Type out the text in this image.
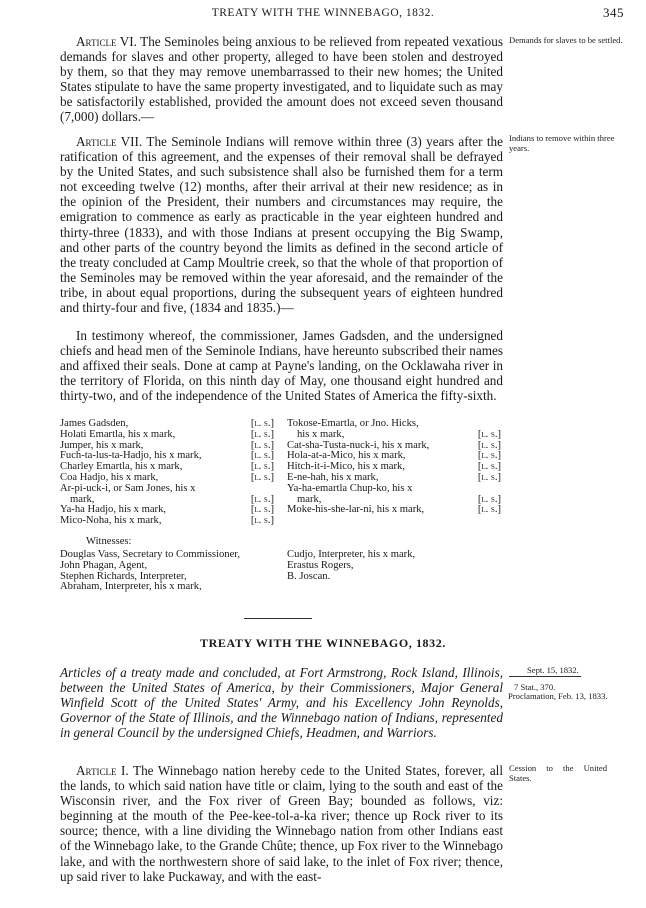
TREATY WITH THE WINNEBAGO, 1832.	345

Article VI. The Seminoles being anxious to be relieved from repeated vexatious demands for slaves and other property, alleged to have been stolen and destroyed by them, so that they may remove unembarrassed to their new homes; the United States stipulate to have the same property investigated, and to liquidate such as may be satisfactorily established, provided the amount does not exceed seven thousand (7,000) dollars.—

Demands for slaves to be settled.

Article VII. The Seminole Indians will remove within three (3) years after the ratification of this agreement, and the expenses of their removal shall be defrayed by the United States, and such subsistence shall also be furnished them for a term not exceeding twelve (12) months, after their arrival at their new residence; as in the opinion of the President, their numbers and circumstances may require, the emigration to commence as early as practicable in the year eighteen hundred and thirty-three (1833), and with those Indians at present occupying the Big Swamp, and other parts of the country beyond the limits as defined in the second article of the treaty concluded at Camp Moultrie creek, so that the whole of that proportion of the Seminoles may be removed within the year aforesaid, and the remainder of the tribe, in about equal proportions, during the subsequent years of eighteen hundred and thirty-four and five, (1834 and 1835.)—

Indians to remove within three years.

In testimony whereof, the commissioner, James Gadsden, and the undersigned chiefs and head men of the Seminole Indians, have hereunto subscribed their names and affixed their seals. Done at camp at Payne's landing, on the Ocklawaha river in the territory of Florida, on this ninth day of May, one thousand eight hundred and thirty-two, and of the independence of the United States of America the fifty-sixth.

James Gadsden,	[l. s.]
Holati Emartla, his x mark,	[l. s.]
Jumper, his x mark,	[l. s.]
Fuch-ta-lus-ta-Hadjo, his x mark,	[l. s.]
Charley Emartla, his x mark,	[l. s.]
Coa Hadjo, his x mark,	[l. s.]
Ar-pi-uck-i, or Sam Jones, his x
mark,	[l. s.]
Ya-ha Hadjo, his x mark,	[l. s.]
Mico-Noha, his x mark,	[l. s.]
Tokose-Emartla, or Jno. Hicks,
his x mark,	[l. s.]
Cat-sha-Tusta-nuck-i, his x mark,	[l. s.]
Hola-at-a-Mico, his x mark,	[l. s.]
Hitch-it-i-Mico, his x mark,	[l. s.]
E-ne-hah, his x mark,	[l. s.]
Ya-ha-emartla Chup-ko, his x
mark,	[l. s.]
Moke-his-she-lar-ni, his x mark,	[l. s.]
Witnesses:
Douglas Vass, Secretary to Commissioner,
John Phagan, Agent,
Stephen Richards, Interpreter,
Abraham, Interpreter, his x mark,
Cudjo, Interpreter, his x mark,
Erastus Rogers,
B. Joscan.
TREATY WITH THE WINNEBAGO, 1832.
Articles of a treaty made and concluded, at Fort Armstrong, Rock Island, Illinois, between the United States of America, by their Commissioners, Major General Winfield Scott of the United States' Army, and his Excellency John Reynolds, Governor of the State of Illinois, and the Winnebago nation of Indians, represented in general Council by the undersigned Chiefs, Headmen, and Warriors.
Sept. 15, 1832.
7 Stat., 370.
Proclamation, Feb. 13, 1833.

Article I. The Winnebago nation hereby cede to the United States, forever, all the lands, to which said nation have title or claim, lying to the south and east of the Wisconsin river, and the Fox river of Green Bay; bounded as follows, viz: beginning at the mouth of the Pee-kee-tol-a-ka river; thence up Rock river to its source; thence, with a line dividing the Winnebago nation from other Indians east of the Winnebago lake, to the Grande Chûte; thence, up Fox river to the Winnebago lake, and with the northwestern shore of said lake, to the inlet of Fox river; thence, up said river to lake Puckaway, and with the east-

Cession to the United States.
